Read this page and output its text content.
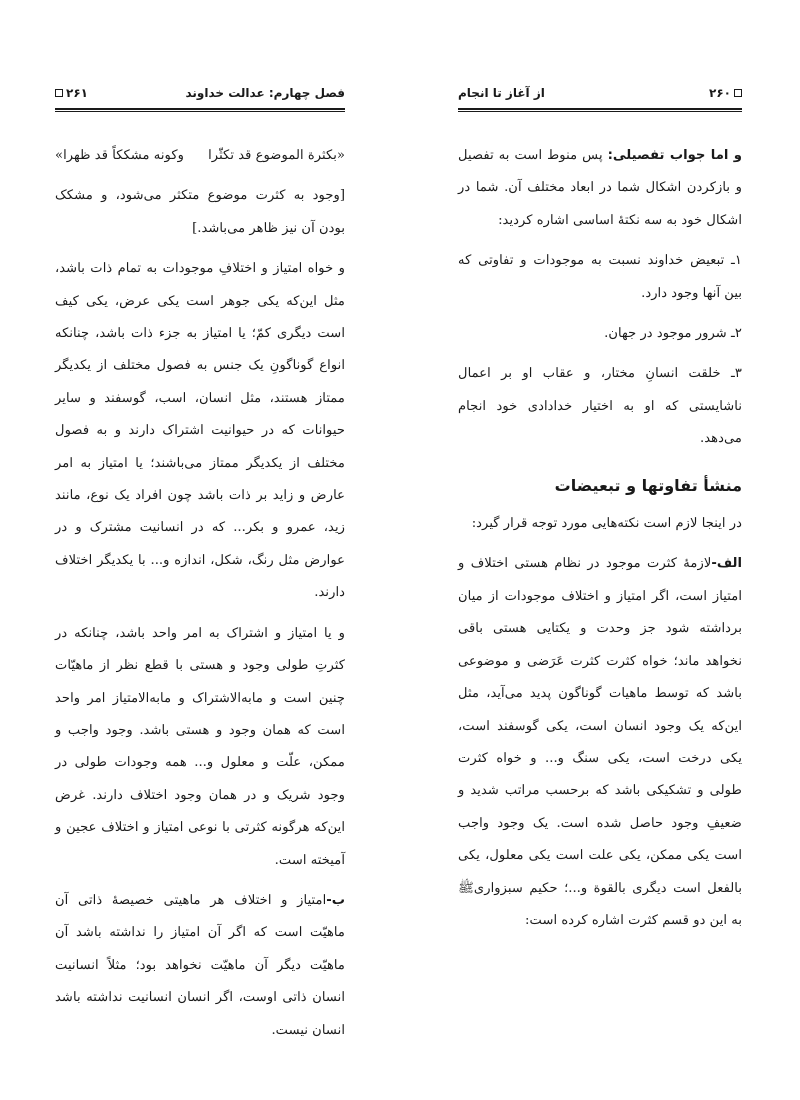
فصل چهارم: عدالت خداوند
۲۶۱

«بكثرة الموضوع قد تكثّرا
وكونه مشككاً قد ظهرا»

[وجود به کثرت موضوع متکثر می‌شود، و مشکک بودن آن نیز ظاهر می‌باشد.]

و خواه امتیاز و اختلافِ موجودات به تمام ذات باشد، مثل این‌که یکی جوهر است یکی عرض، یکی کیف است دیگری کمّ؛ یا امتیاز به جزء ذات باشد، چنانکه انواع گوناگونِ یک جنس به فصول مختلف از یکدیگر ممتاز هستند، مثل انسان، اسب، گوسفند و سایر حیوانات که در حیوانیت اشتراک دارند و به فصول مختلف از یکدیگر ممتاز می‌باشند؛ یا امتیاز به امر عارض و زاید بر ذات باشد چون افراد یک نوع، مانند زید، عمرو و بکر... که در انسانیت مشترک و در عوارض مثل رنگ، شکل، اندازه و... با یکدیگر اختلاف دارند.

و یا امتیاز و اشتراک به امر واحد باشد، چنانکه در کثرتِ طولی وجود و هستی با قطع نظر از ماهیّات چنین است و مابه‌الاشتراک و مابه‌الامتیاز امر واحد است که همان وجود و هستی باشد. وجود واجب و ممکن، علّت و معلول و... همه وجودات طولی در وجود شریک و در همان وجود اختلاف دارند. غرض این‌که هرگونه کثرتی با نوعی امتیاز و اختلاف عجین و آمیخته است.

ب-امتیاز و اختلاف هر ماهیتی خصیصهٔ ذاتی آن ماهیّت است که اگر آن امتیاز را نداشته باشد آن ماهیّت دیگر آن ماهیّت نخواهد بود؛ مثلاً انسانیت انسان ذاتی اوست، اگر انسان انسانیت نداشته باشد انسان نیست.

۲۶۰
از آغاز تا انجام

و اما جواب تفصیلی: پس منوط است به تفصیل و بازکردن اشکال شما در ابعاد مختلف آن. شما در اشکال خود به سه نکتهٔ اساسی اشاره کردید:

۱ـ تبعیض خداوند نسبت به موجودات و تفاوتی که بین آنها وجود دارد.

۲ـ شرور موجود در جهان.

۳ـ خلقت انسانِ مختار، و عقاب او بر اعمال ناشایستی که او به اختیار خدادادی خود انجام می‌دهد.

منشأ تفاوتها و تبعیضات

در اینجا لازم است نکته‌هایی مورد توجه قرار گیرد:

الف-لازمهٔ کثرت موجود در نظام هستی اختلاف و امتیاز است، اگر امتیاز و اختلاف موجودات از میان برداشته شود جز وحدت و یکتایی هستی باقی نخواهد ماند؛ خواه کثرت کثرت عَرَضی و موضوعی باشد که توسط ماهیات گوناگون پدید می‌آید، مثل این‌که یک وجود انسان است، یکی گوسفند است، یکی درخت است، یکی سنگ و... و خواه کثرت طولی و تشکیکی باشد که برحسب مراتب شدید و ضعیفِ وجود حاصل شده است. یک وجود واجب است یکی ممکن، یکی علت است یکی معلول، یکی بالفعل است دیگری بالقوة و...؛ حکیم سبزواریﷺ به این دو قسم کثرت اشاره کرده است:
